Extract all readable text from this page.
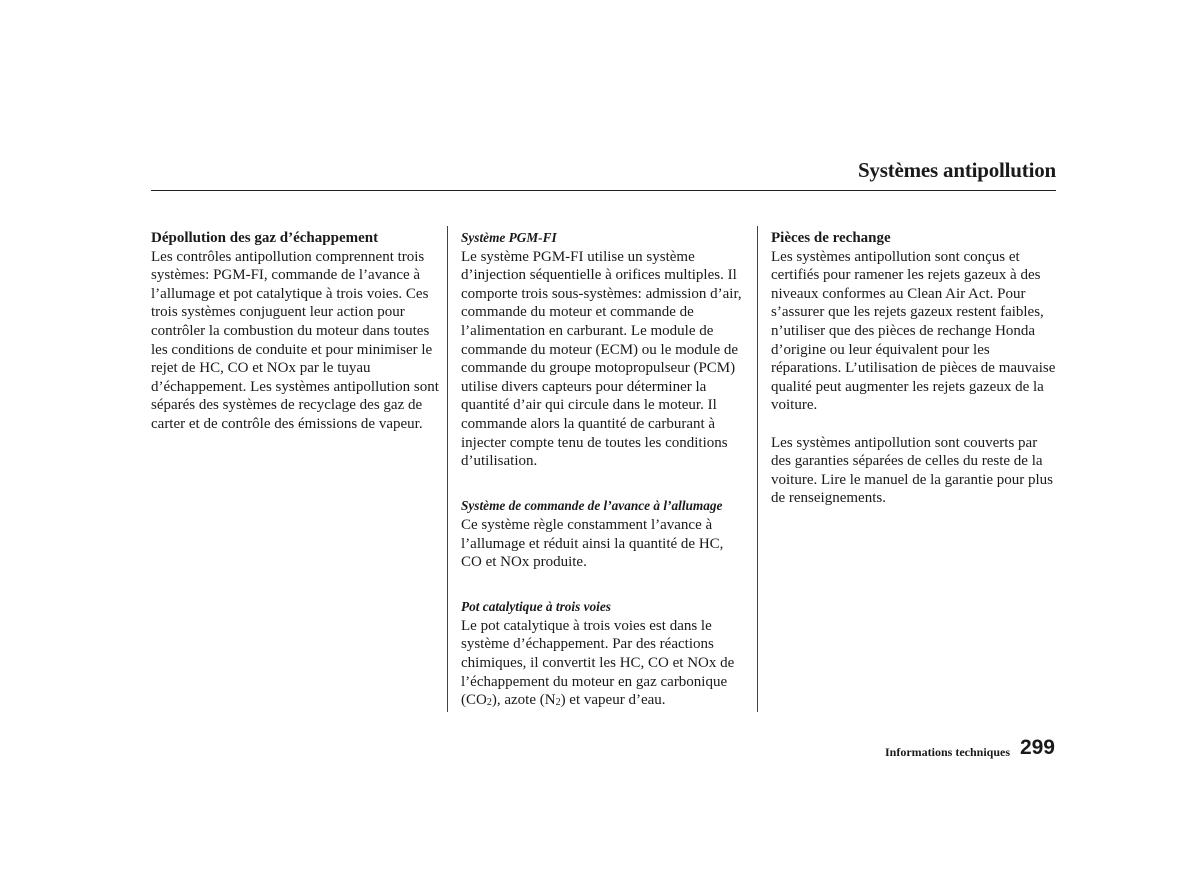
Systèmes antipollution

Dépollution des gaz d’échappement

Les contrôles antipollution comprennent trois systèmes: PGM-FI, commande de l’avance à l’allumage et pot catalytique à trois voies. Ces trois systèmes conjuguent leur action pour contrôler la combustion du moteur dans toutes les conditions de conduite et pour minimiser le rejet de HC, CO et NOx par le tuyau d’échappement. Les systèmes antipollution sont séparés des systèmes de recyclage des gaz de carter et de contrôle des émissions de vapeur.

Système PGM-FI

Le système PGM-FI utilise un système d’injection séquentielle à orifices multiples. Il comporte trois sous-systèmes: admission d’air, commande du moteur et commande de l’alimentation en carburant. Le module de commande du moteur (ECM) ou le module de commande du groupe motopropulseur (PCM) utilise divers capteurs pour déterminer la quantité d’air qui circule dans le moteur. Il commande alors la quantité de carburant à injecter compte tenu de toutes les conditions d’utilisation.

Système de commande de l’avance à l’allumage

Ce système règle constamment l’avance à l’allumage et réduit ainsi la quantité de HC, CO et NOx produite.

Pot catalytique à trois voies

Le pot catalytique à trois voies est dans le système d’échappement. Par des réactions chimiques, il convertit les HC, CO et NOx de l’échappement du moteur en gaz carbonique $(CO_2)$, azote $(N_2)$ et vapeur d’eau.

Pièces de rechange

Les systèmes antipollution sont conçus et certifiés pour ramener les rejets gazeux à des niveaux conformes au Clean Air Act. Pour s’assurer que les rejets gazeux restent faibles, n’utiliser que des pièces de rechange Honda d’origine ou leur équivalent pour les réparations. L’utilisation de pièces de mauvaise qualité peut augmenter les rejets gazeux de la voiture.

Les systèmes antipollution sont couverts par des garanties séparées de celles du reste de la voiture. Lire le manuel de la garantie pour plus de renseignements.

Informations techniques 299
